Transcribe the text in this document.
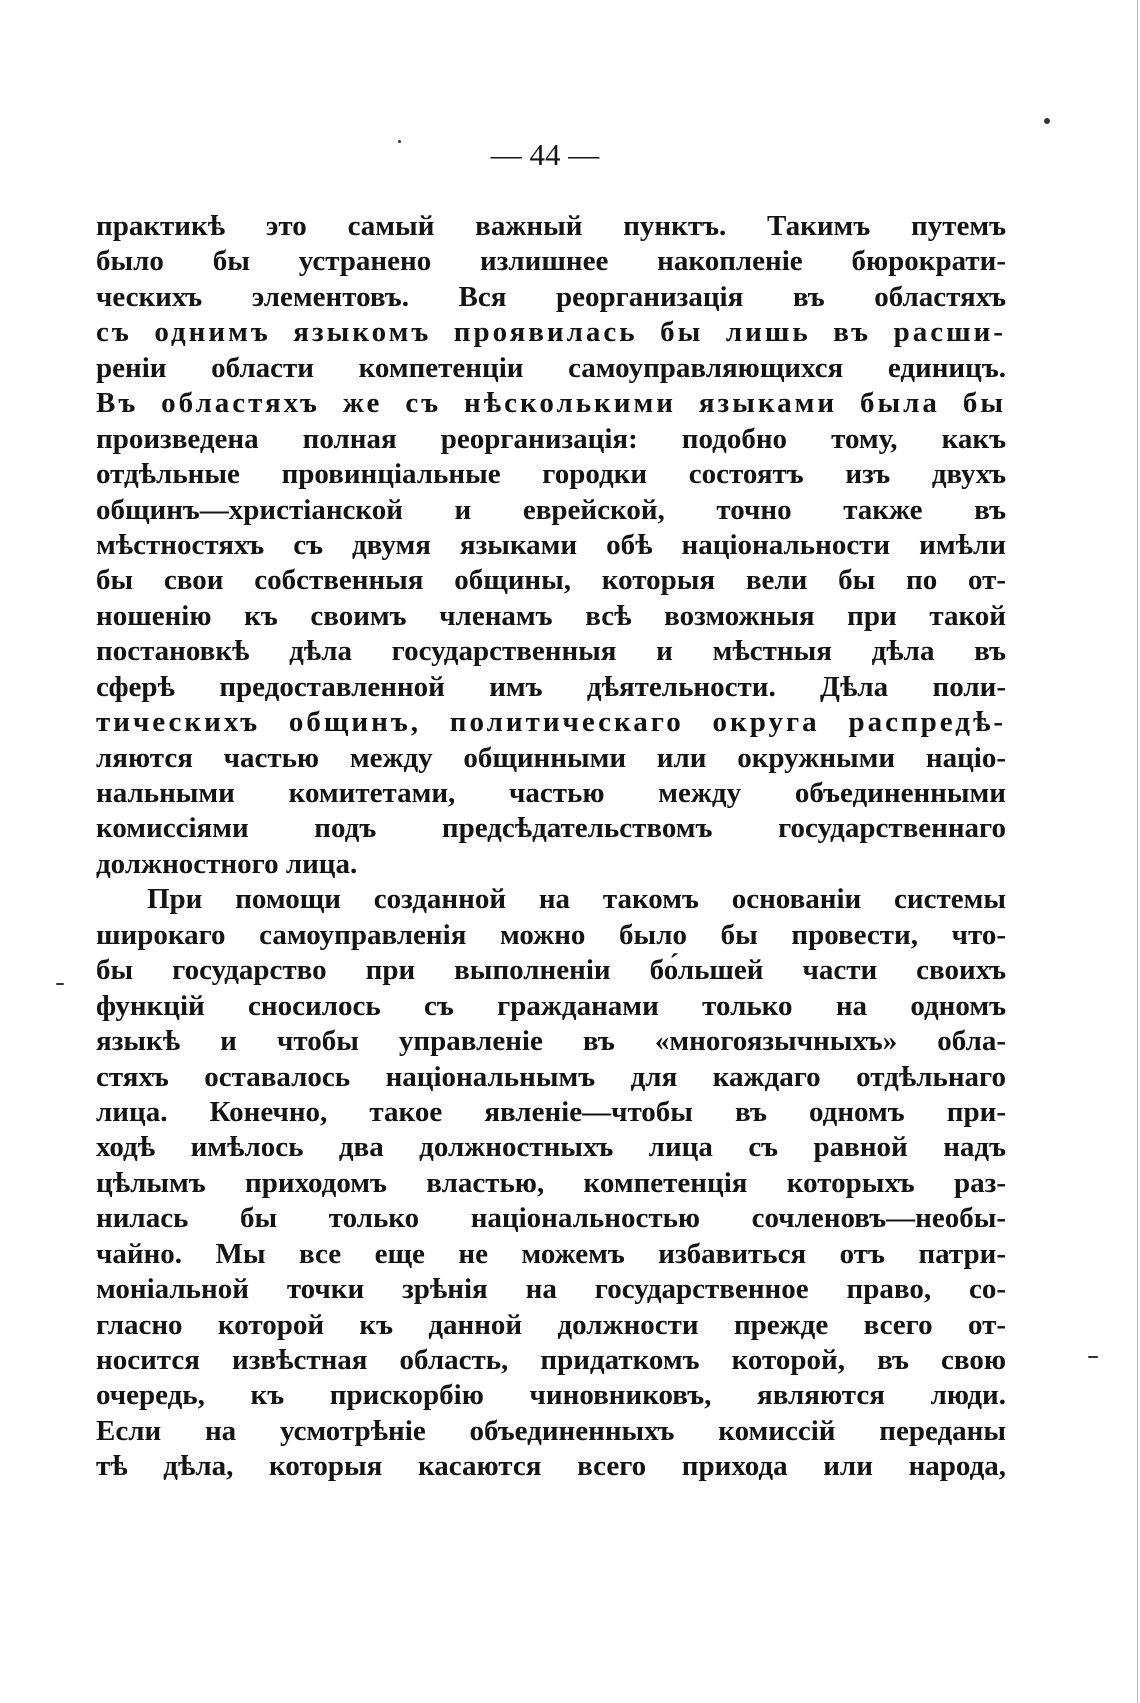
— 44 —
практикѣ это самый важный пунктъ. Такимъ путемъ
было бы устранено излишнее накопленіе бюрократи-
ческихъ элементовъ. Вся реорганизація въ областяхъ
съ однимъ языкомъ проявилась бы лишь въ расши-
реніи области компетенціи самоуправляющихся единицъ.
Въ областяхъ же съ нѣсколькими языками была бы
произведена полная реорганизація: подобно тому, какъ
отдѣльные провинціальные городки состоятъ изъ двухъ
общинъ—христіанской и еврейской, точно также въ
мѣстностяхъ съ двумя языками обѣ національности имѣли
бы свои собственныя общины, которыя вели бы по от-
ношенію къ своимъ членамъ всѣ возможныя при такой
постановкѣ дѣла государственныя и мѣстныя дѣла въ
сферѣ предоставленной имъ дѣятельности. Дѣла поли-
тическихъ общинъ, политическаго округа распредѣ-
ляются частью между общинными или окружными націо-
нальными комитетами, частью между объединенными
комиссіями подъ предсѣдательствомъ государственнаго
должностного лица.
При помощи созданной на такомъ основаніи системы
широкаго самоуправленія можно было бы провести, что-
бы государство при выполненіи бо́льшей части своихъ
функцій сносилось съ гражданами только на одномъ
языкѣ и чтобы управленіе въ «многоязычныхъ» обла-
стяхъ оставалось національнымъ для каждаго отдѣльнаго
лица. Конечно, такое явленіе—чтобы въ одномъ при-
ходѣ имѣлось два должностныхъ лица съ равной надъ
цѣлымъ приходомъ властью, компетенція которыхъ раз-
нилась бы только національностью сочленовъ—необы-
чайно. Мы все еще не можемъ избавиться отъ патри-
моніальной точки зрѣнія на государственное право, со-
гласно которой къ данной должности прежде всего от-
носится извѣстная область, придаткомъ которой, въ свою
очередь, къ прискорбію чиновниковъ, являются люди.
Если на усмотрѣніе объединенныхъ комиссій переданы
тѣ дѣла, которыя касаются всего прихода или народа,
